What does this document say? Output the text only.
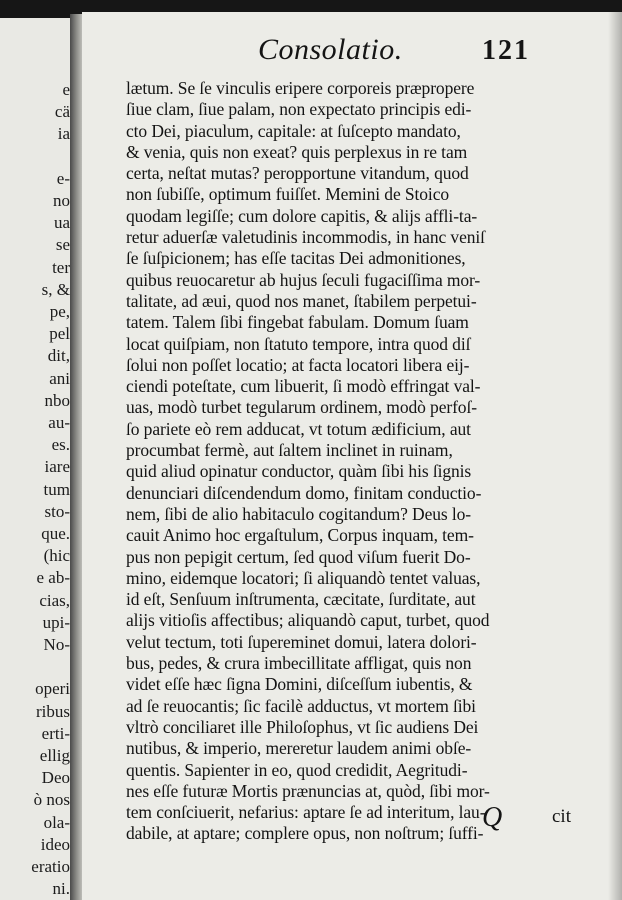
e
cä
ia
e-
no
ua
se
ter
s, &
pe,
pel
dit,
ani
nbo
au-
es.
iare
tum
sto-
que.
(hic
e ab-
cias,
upi-
No-
operi
ribus
erti-
ellig
Deo
ò nos
ola-
ideo
eratio
ni.
Consolatio.	121
lætum. Se ſe vinculis eripere corporeis præpropere
ſiue clam, ſiue palam, non expectato principis edi-
cto Dei, piaculum, capitale: at ſuſcepto mandato,
& venia, quis non exeat? quis perplexus in re tam
certa, neſtat mutas? peropportune vitandum, quod
non ſubiſſe, optimum fuiſſet. Memini de Stoico
quodam legiſſe; cum dolore capitis, & alijs affli-ta-
retur aduerſæ valetudinis incommodis, in hanc veniſ
ſe ſuſpicionem; has eſſe tacitas Dei admonitiones,
quibus reuocaretur ab hujus ſeculi fugaciſſima mor-
talitate, ad æui, quod nos manet, ſtabilem perpetui-
tatem. Talem ſibi fingebat fabulam. Domum ſuam
locat quiſpiam, non ſtatuto tempore, intra quod diſ
ſolui non poſſet locatio; at facta locatori libera eij-
ciendi poteſtate, cum libuerit, ſi modò effringat val-
uas, modò turbet tegularum ordinem, modò perfoſ-
ſo pariete eò rem adducat, vt totum ædificium, aut
procumbat fermè, aut ſaltem inclinet in ruinam,
quid aliud opinatur conductor, quàm ſibi his ſignis
denunciari diſcendendum domo, finitam conductio-
nem, ſibi de alio habitaculo cogitandum? Deus lo-
cauit Animo hoc ergaſtulum, Corpus inquam, tem-
pus non pepigit certum, ſed quod viſum fuerit Do-
mino, eidemque locatori; ſi aliquandò tentet valuas,
id eſt, Senſuum inſtrumenta, cæcitate, ſurditate, aut
alijs vitioſis affectibus; aliquandò caput, turbet, quod
velut tectum, toti ſupereminet domui, latera dolori-
bus, pedes, & crura imbecillitate affligat, quis non
videt eſſe hæc ſigna Domini, diſceſſum iubentis, &
ad ſe reuocantis; ſic facilè adductus, vt mortem ſibi
vltrò conciliaret ille Philoſophus, vt ſic audiens Dei
nutibus, & imperio, mereretur laudem animi obſe-
quentis. Sapienter in eo, quod credidit, Aegritudi-
nes eſſe futuræ Mortis prænuncias at, quòd, ſibi mor-
tem conſciuerit, nefarius: aptare ſe ad interitum, lau-
dabile, at aptare; complere opus, non noſtrum; ſuffi-
Q	cit
